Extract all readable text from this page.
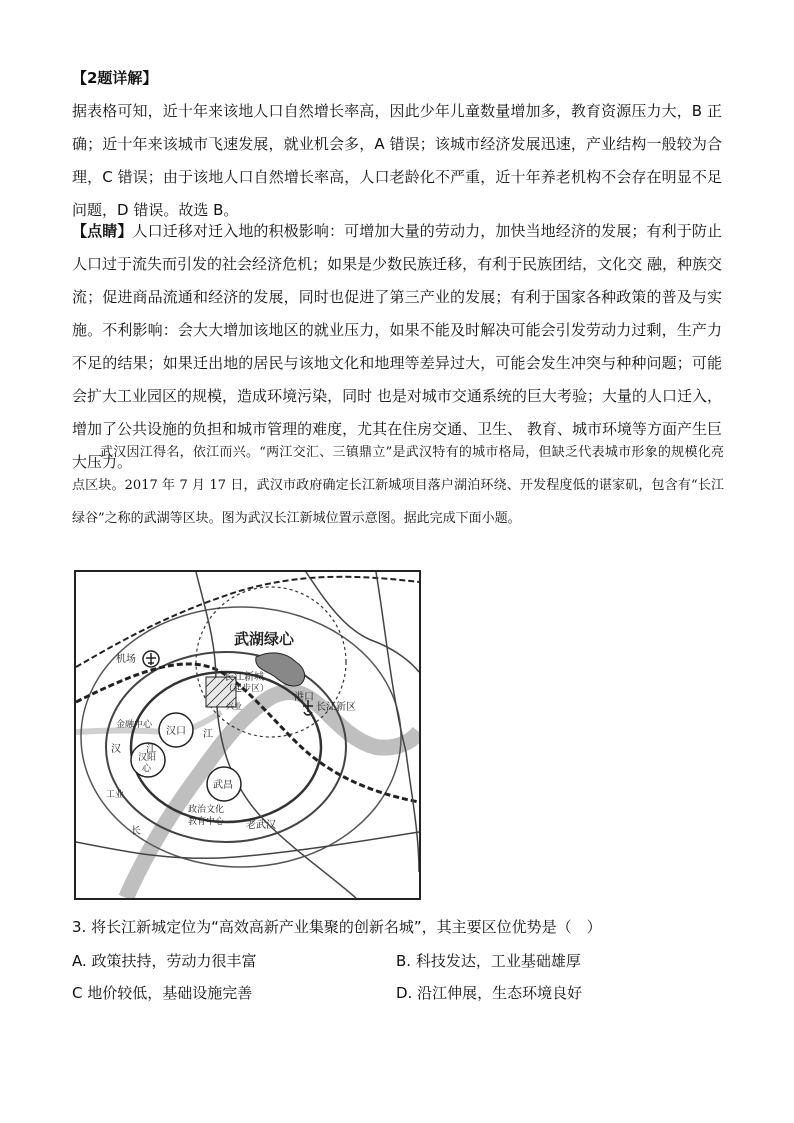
【2题详解】
据表格可知，近十年来该地人口自然增长率高，因此少年儿童数量增加多，教育资源压力大，B 正确；近十年来该城市飞速发展，就业机会多，A 错误；该城市经济发展迅速，产业结构一般较为合理，C 错误；由于该地人口自然增长率高，人口老龄化不严重，近十年养老机构不会存在明显不足问题，D 错误。故选 B。

【点睛】人口迁移对迁入地的积极影响：可增加大量的劳动力，加快当地经济的发展；有利于防止人口过于流失而引发的社会经济危机；如果是少数民族迁移，有利于民族团结，文化交 融，种族交流；促进商品流通和经济的发展，同时也促进了第三产业的发展；有利于国家各种政策的普及与实施。不利影响：会大大增加该地区的就业压力，如果不能及时解决可能会引发劳动力过剩，生产力不足的结果；如果迁出地的居民与该地文化和地理等差异过大，可能会发生冲突与种种问题；可能会扩大工业园区的规模，造成环境污染，同时 也是对城市交通系统的巨大考验；大量的人口迁入，增加了公共设施的负担和城市管理的难度，尤其在住房交通、卫生、 教育、城市环境等方面产生巨大压力。

武汉因江得名，依江而兴。“两江交汇、三镇鼎立”是武汉特有的城市格局，但缺乏代表城市形象的规模化亮点区块。2017 年 7 月 17 日，武汉市政府确定长江新城项目落户湖泊环绕、开发程度低的谌家矶，包含有“长江绿谷”之称的武湖等区块。图为武汉长江新城位置示意图。据此完成下面小题。

武湖绿心
机场
长江新城
（起步区）
港口
长江新区
兴业
金融中心
汉口
汉	江
江
汉阳
心
武昌
工业
政治文化
教育中心
长
老武汉
3. 将长江新城定位为“高效高新产业集聚的创新名城”，其主要区位优势是（　）
A. 政策扶持，劳动力很丰富	B. 科技发达，工业基础雄厚
C 地价较低，基础设施完善	D. 沿江伸展，生态环境良好
